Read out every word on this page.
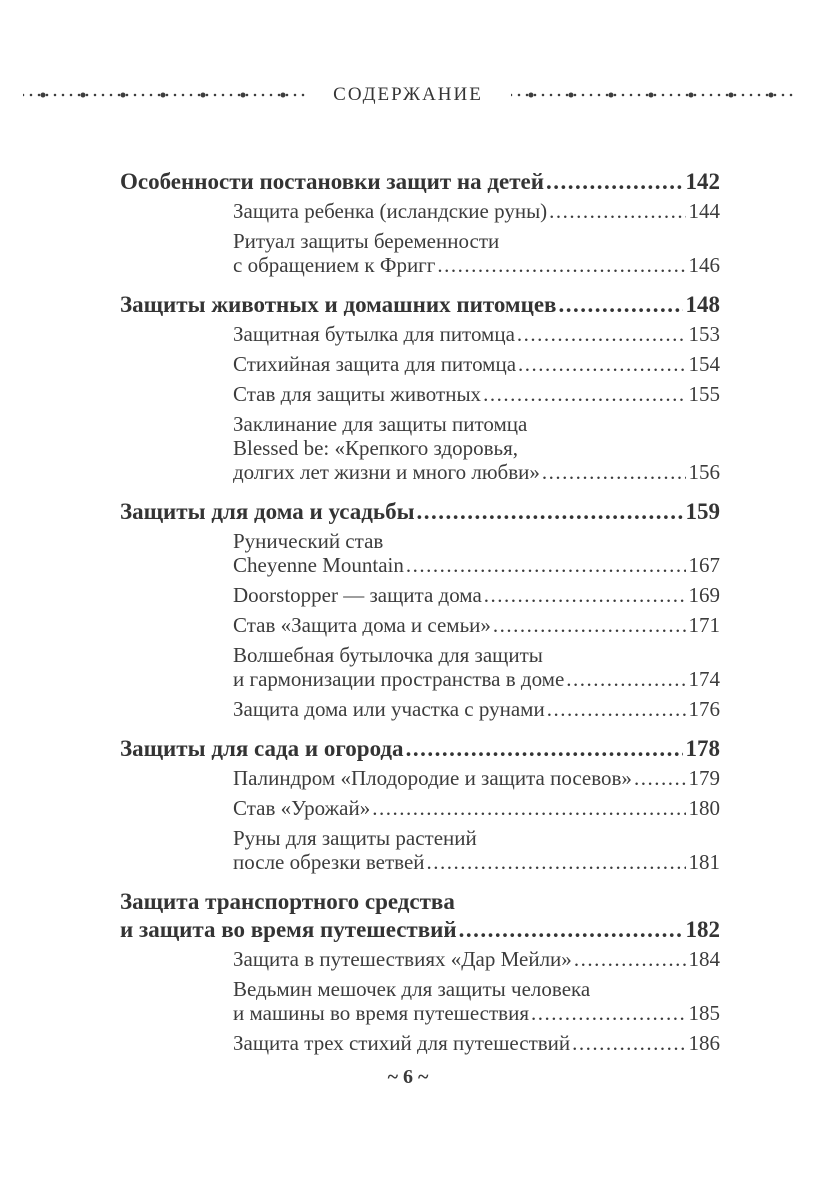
СОДЕРЖАНИЕ
Особенности постановки защит на детей .....	142
Защита ребенка (исландские руны) .....	144
Ритуал защиты беременности
с обращением к Фригг .....	146
Защиты животных и домашних питомцев .....	148
Защитная бутылка для питомца .....	153
Стихийная защита для питомца .....	154
Став для защиты животных .....	155
Заклинание для защиты питомца
Blessed be: «Крепкого здоровья,
долгих лет жизни и много любви» .....	156
Защиты для дома и усадьбы .....	159
Рунический став
Cheyenne Mountain .....	167
Doorstopper — защита дома .....	169
Став «Защита дома и семьи» .....	171
Волшебная бутылочка для защиты
и гармонизации пространства в доме .....	174
Защита дома или участка с рунами .....	176
Защиты для сада и огорода .....	178
Палиндром «Плодородие и защита посевов» .....	179
Став «Урожай» .....	180
Руны для защиты растений
после обрезки ветвей .....	181
Защита транспортного средства
и защита во время путешествий .....	182
Защита в путешествиях «Дар Мейли» .....	184
Ведьмин мешочек для защиты человека
и машины во время путешествия .....	185
Защита трех стихий для путешествий .....	186
~ 6 ~
